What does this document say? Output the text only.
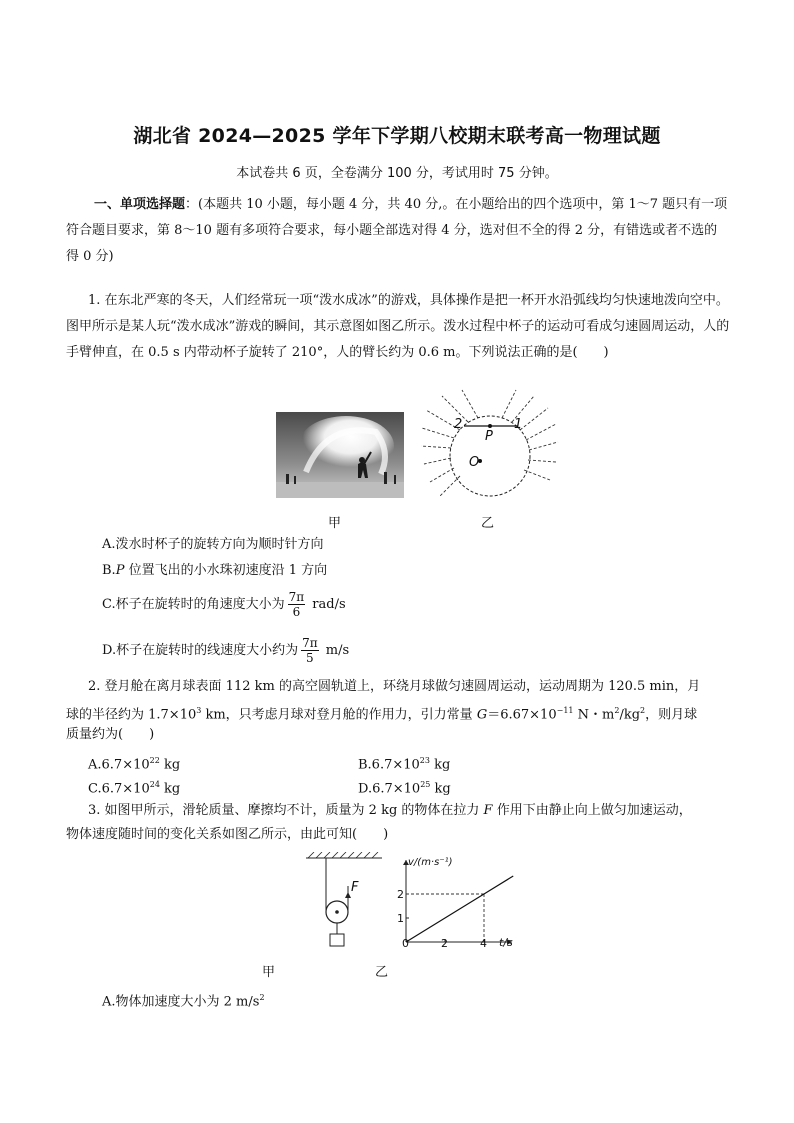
湖北省 2024—2025 学年下学期八校期末联考高一物理试题
本试卷共 6 页，全卷满分 100 分，考试用时 75 分钟。
一、单项选择题：(本题共 10 小题，每小题 4 分，共 40 分,。在小题给出的四个选项中，第 1～7 题只有一项符合题目要求，第 8～10 题有多项符合要求，每小题全部选对得 4 分，选对但不全的得 2 分，有错选或者不选的得 0 分)
1. 在东北严寒的冬天，人们经常玩一项“泼水成冰”的游戏，具体操作是把一杯开水沿弧线均匀快速地泼向空中。图甲所示是某人玩“泼水成冰”游戏的瞬间，其示意图如图乙所示。泼水过程中杯子的运动可看成匀速圆周运动，人的手臂伸直，在 0.5 s 内带动杯子旋转了 210°，人的臂长约为 0.6 m。下列说法正确的是(　　)
2	1
P
O
甲	乙
A.泼水时杯子的旋转方向为顺时针方向
B.P 位置飞出的小水珠初速度沿 1 方向
C.杯子在旋转时的角速度大小为 $\frac{7\pi}{6} rad/s$
D.杯子在旋转时的线速度大小约为 $\frac{7\pi}{5} m/s$
2. 登月舱在离月球表面 112 km 的高空圆轨道上，环绕月球做匀速圆周运动，运动周期为 120.5 min，月
球的半径约为 $1.7\times 10^3$ km，只考虑月球对登月舱的作用力，引力常量 $G=6.67\times 10^{-11}$ N・$m^2/kg^2$，则月球
质量约为(　　)
$A.6.7\times 10^{22}$ kg	$B.6.7\times 10^{23}$ kg
$C.6.7\times 10^{24}$ kg	$D.6.7\times 10^{25}$ kg
3. 如图甲所示，滑轮质量、摩擦均不计，质量为 2 kg 的物体在拉力 F 作用下由静止向上做匀加速运动，
物体速度随时间的变化关系如图乙所示，由此可知(　　)
F
v/(m·s⁻¹)
t/s
0	2	4
1
2
甲	乙
A.物体加速度大小为 2 $m/s^2$
